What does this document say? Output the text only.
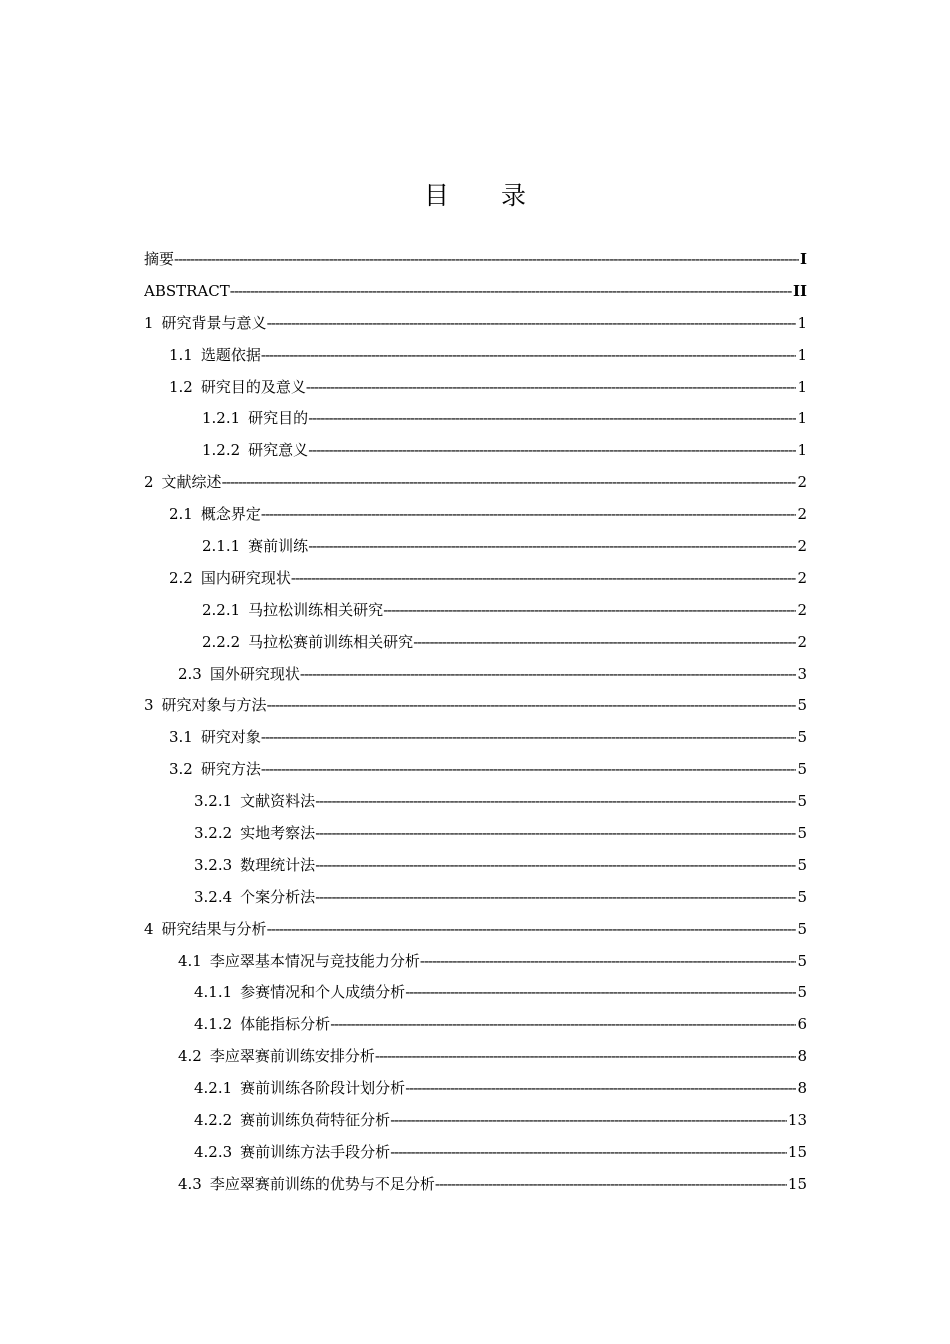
目 录
摘要 -----	I
ABSTRACT -----	II
1 研究背景与意义 -----	1
1.1 选题依据 -----	1
1.2 研究目的及意义 -----	1
1.2.1 研究目的 -----	1
1.2.2 研究意义 -----	1
2 文献综述 -----	2
2.1 概念界定 -----	2
2.1.1 赛前训练 -----	2
2.2 国内研究现状 -----	2
2.2.1 马拉松训练相关研究 -----	2
2.2.2 马拉松赛前训练相关研究 -----	2
2.3 国外研究现状 -----	3
3 研究对象与方法 -----	5
3.1 研究对象 -----	5
3.2 研究方法 -----	5
3.2.1 文献资料法 -----	5
3.2.2 实地考察法 -----	5
3.2.3 数理统计法 -----	5
3.2.4 个案分析法 -----	5
4 研究结果与分析 -----	5
4.1 李应翠基本情况与竞技能力分析 -----	5
4.1.1 参赛情况和个人成绩分析 -----	5
4.1.2 体能指标分析 -----	6
4.2 李应翠赛前训练安排分析 -----	8
4.2.1 赛前训练各阶段计划分析 -----	8
4.2.2 赛前训练负荷特征分析 -----	13
4.2.3 赛前训练方法手段分析 -----	15
4.3 李应翠赛前训练的优势与不足分析 -----	15
